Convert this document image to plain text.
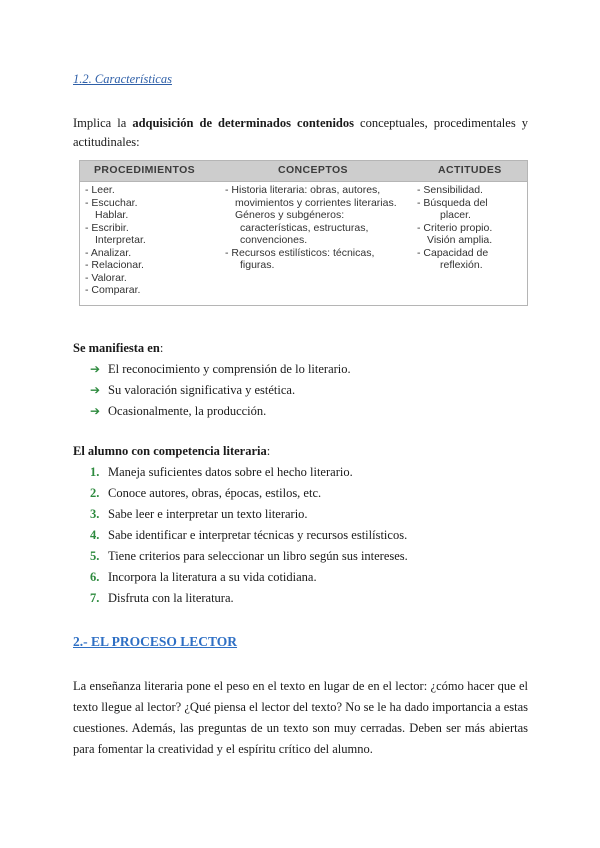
1.2. Características

Implica la adquisición de determinados contenidos conceptuales, procedimentales y actitudinales:

PROCEDIMIENTOS	CONCEPTOS	ACTITUDES
- Leer.
- Escuchar.
Hablar.
- Escribir.
Interpretar.
- Analizar.
- Relacionar.
- Valorar.
- Comparar.
- Historia literaria: obras, autores,
movimientos y corrientes literarias.
Géneros y subgéneros:
características, estructuras,
convenciones.
- Recursos estilísticos: técnicas,
figuras.
- Sensibilidad.
- Búsqueda del
placer.
- Criterio propio.
Visión amplia.
- Capacidad de
reflexión.
Se manifiesta en:
➔ El reconocimiento y comprensión de lo literario.
➔ Su valoración significativa y estética.
➔ Ocasionalmente, la producción.
El alumno con competencia literaria:
1. Maneja suficientes datos sobre el hecho literario.
2. Conoce autores, obras, épocas, estilos, etc.
3. Sabe leer e interpretar un texto literario.
4. Sabe identificar e interpretar técnicas y recursos estilísticos.
5. Tiene criterios para seleccionar un libro según sus intereses.
6. Incorpora la literatura a su vida cotidiana.
7. Disfruta con la literatura.
2.- EL PROCESO LECTOR

La enseñanza literaria pone el peso en el texto en lugar de en el lector: ¿cómo hacer que el texto llegue al lector? ¿Qué piensa el lector del texto? No se le ha dado importancia a estas cuestiones. Además, las preguntas de un texto son muy cerradas. Deben ser más abiertas para fomentar la creatividad y el espíritu crítico del alumno.
